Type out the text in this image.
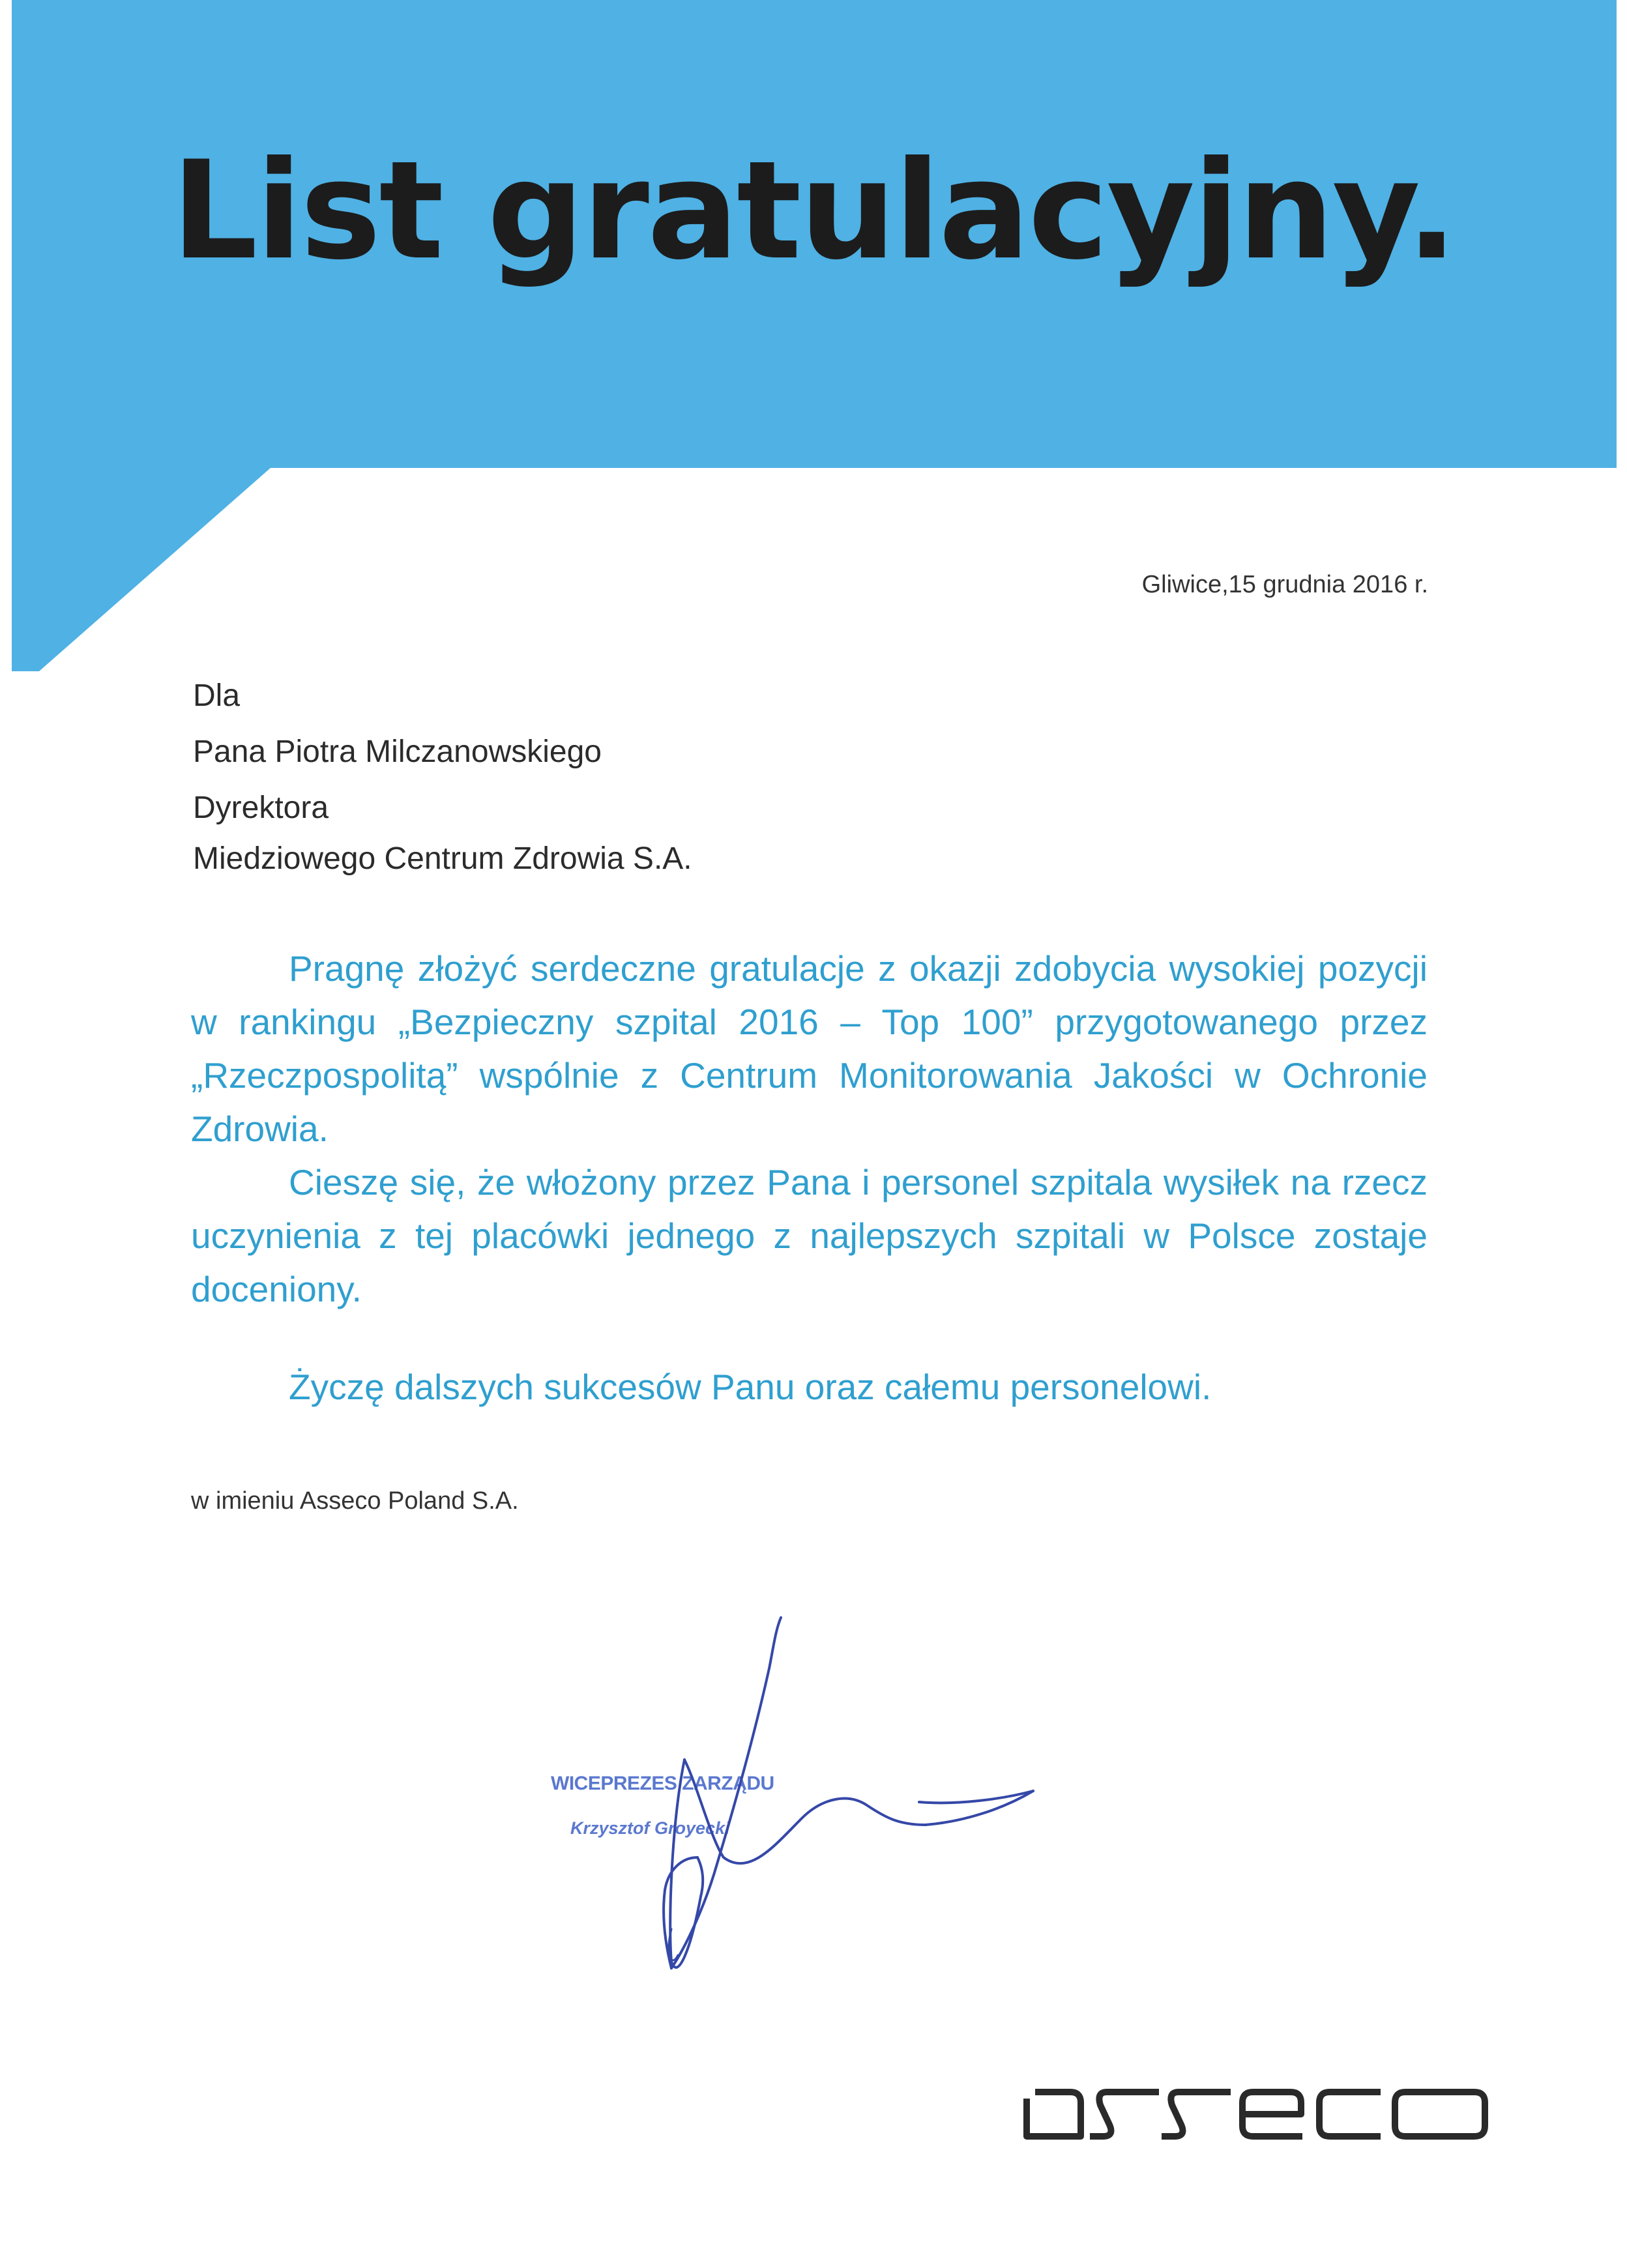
List gratulacyjny.
Gliwice,15 grudnia 2016 r.
Dla
Pana Piotra Milczanowskiego
Dyrektora
Miedziowego Centrum Zdrowia S.A.

Pragnę złożyć serdeczne gratulacje z okazji zdobycia wysokiej pozycji w rankingu „Bezpieczny szpital 2016 – Top 100” przygotowanego przez „Rzeczpospolitą” wspólnie z Centrum Monitorowania Jakości w Ochronie Zdrowia.

Cieszę się, że włożony przez Pana i personel szpitala wysiłek na rzecz uczynienia z tej placówki jednego z najlepszych szpitali w Polsce zostaje doceniony.

Życzę dalszych sukcesów Panu oraz całemu personelowi.

w imieniu Asseco Poland S.A.
WICEPREZES ZARZĄDU
Krzysztof Groyecki
